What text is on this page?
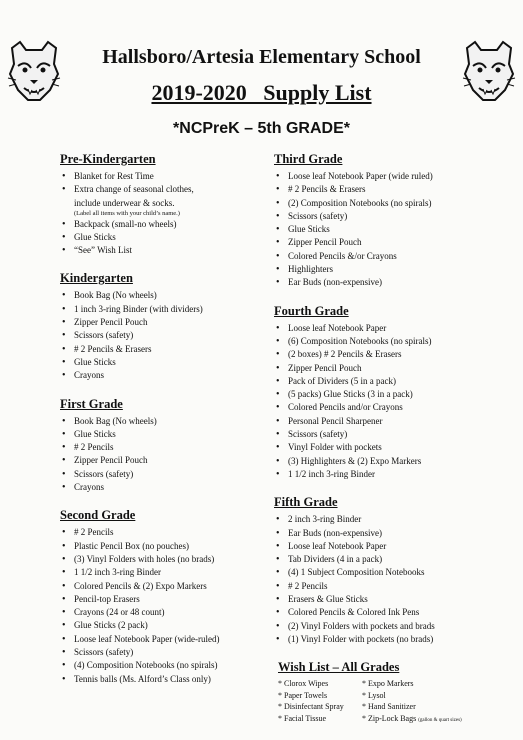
Hallsboro/Artesia Elementary School
2019-2020   Supply List
*NCPreK – 5th GRADE*
Pre-Kindergarten
• Blanket for Rest Time
• Extra change of seasonal clothes,
include underwear & socks.
(Label all items with your child’s name.)
• Backpack (small-no wheels)
• Glue Sticks
• “See” Wish List
Kindergarten
• Book Bag (No wheels)
• 1 inch 3-ring Binder (with dividers)
• Zipper Pencil Pouch
• Scissors (safety)
• # 2 Pencils & Erasers
• Glue Sticks
• Crayons
First Grade
• Book Bag (No wheels)
• Glue Sticks
• # 2 Pencils
• Zipper Pencil Pouch
• Scissors (safety)
• Crayons
Second Grade
• # 2 Pencils
• Plastic Pencil Box (no pouches)
• (3) Vinyl Folders with holes (no brads)
• 1 1/2 inch 3-ring Binder
• Colored Pencils & (2) Expo Markers
• Pencil-top Erasers
• Crayons (24 or 48 count)
• Glue Sticks (2 pack)
• Loose leaf Notebook Paper (wide-ruled)
• Scissors (safety)
• (4) Composition Notebooks (no spirals)
• Tennis balls (Ms. Alford’s Class only)
Third Grade
• Loose leaf Notebook Paper (wide ruled)
• # 2 Pencils & Erasers
• (2) Composition Notebooks (no spirals)
• Scissors (safety)
• Glue Sticks
• Zipper Pencil Pouch
• Colored Pencils &/or Crayons
• Highlighters
• Ear Buds (non-expensive)
Fourth Grade
• Loose leaf Notebook Paper
• (6) Composition Notebooks (no spirals)
• (2 boxes) # 2 Pencils & Erasers
• Zipper Pencil Pouch
• Pack of Dividers (5 in a pack)
• (5 packs) Glue Sticks (3 in a pack)
• Colored Pencils and/or Crayons
• Personal Pencil Sharpener
• Scissors (safety)
• Vinyl Folder with pockets
• (3) Highlighters & (2) Expo Markers
• 1 1/2 inch 3-ring Binder
Fifth Grade
• 2 inch 3-ring Binder
• Ear Buds (non-expensive)
• Loose leaf Notebook Paper
• Tab Dividers (4 in a pack)
• (4) 1 Subject Composition Notebooks
• # 2 Pencils
• Erasers & Glue Sticks
• Colored Pencils & Colored Ink Pens
• (2) Vinyl Folders with pockets and brads
• (1) Vinyl Folder with pockets (no brads)
Wish List – All Grades
* Clorox Wipes
* Paper Towels
* Disinfectant Spray
* Facial Tissue
* Expo Markers
* Lysol
* Hand Sanitizer
* Zip-Lock Bags (gallon & quart sizes)
